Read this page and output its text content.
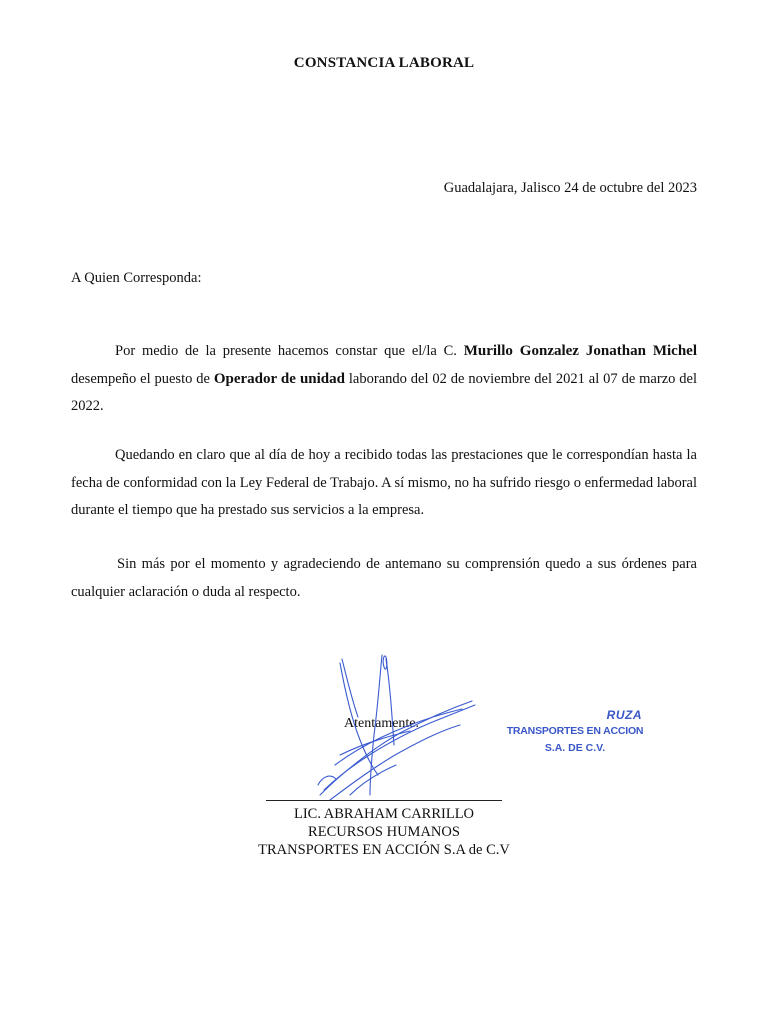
CONSTANCIA LABORAL
Guadalajara, Jalisco 24 de octubre del 2023
A Quien Corresponda:
Por medio de la presente hacemos constar que el/la C. Murillo Gonzalez Jonathan Michel desempeño el puesto de Operador de unidad laborando del 02 de noviembre del 2021 al 07 de marzo del 2022.
Quedando en claro que al día de hoy a recibido todas las prestaciones que le correspondían hasta la fecha de conformidad con la Ley Federal de Trabajo. A sí mismo, no ha sufrido riesgo o enfermedad laboral durante el tiempo que ha prestado sus servicios a la empresa.
Sin más por el momento y agradeciendo de antemano su comprensión quedo a sus órdenes para cualquier aclaración o duda al respecto.
Atentamente.
RUZA
TRANSPORTES EN ACCION
S.A. DE C.V.
LIC. ABRAHAM CARRILLO
RECURSOS HUMANOS
TRANSPORTES EN ACCIÓN S.A de C.V
